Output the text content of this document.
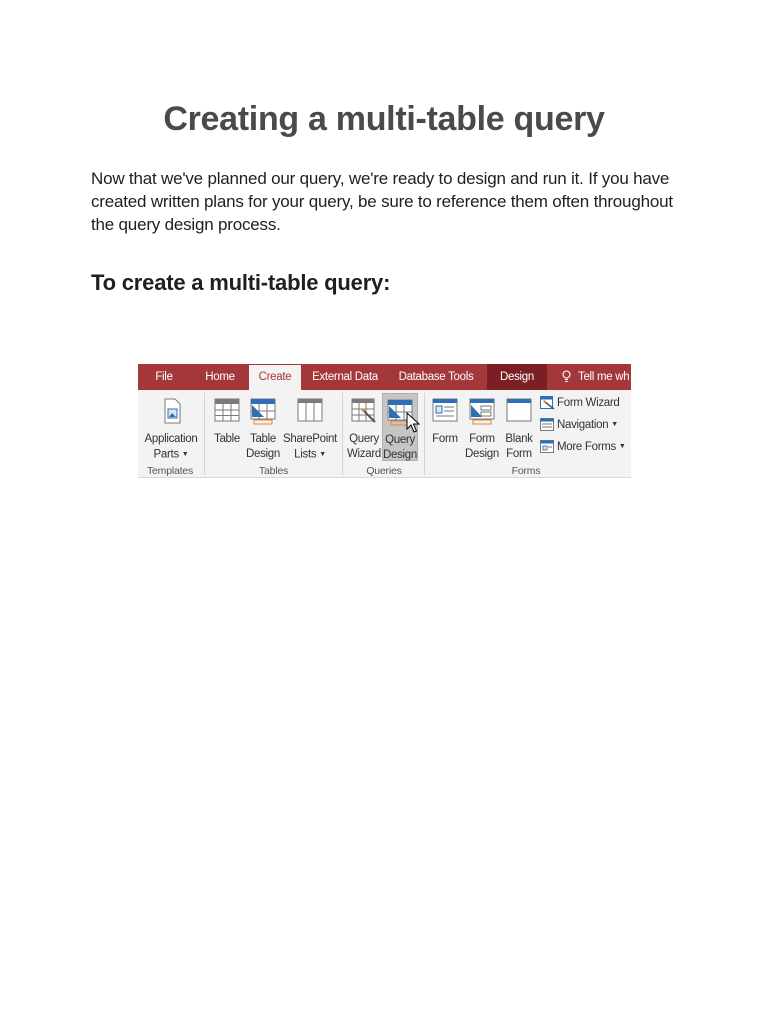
Creating a multi-table query

Now that we've planned our query, we're ready to design and run it. If you have created written plans for your query, be sure to reference them often throughout the query design process.

To create a multi-table query:
File	Home	Create	External Data	Database Tools	Design	Tell me wh
Application
Parts ▼
Templates
Table Table
Design
SharePoint
Lists ▼
Tables
Query
Wizard
Query
Design
Queries
Form Form
Design
Blank
Form
Form Wizard
Navigation ▼
More Forms ▼
Forms
